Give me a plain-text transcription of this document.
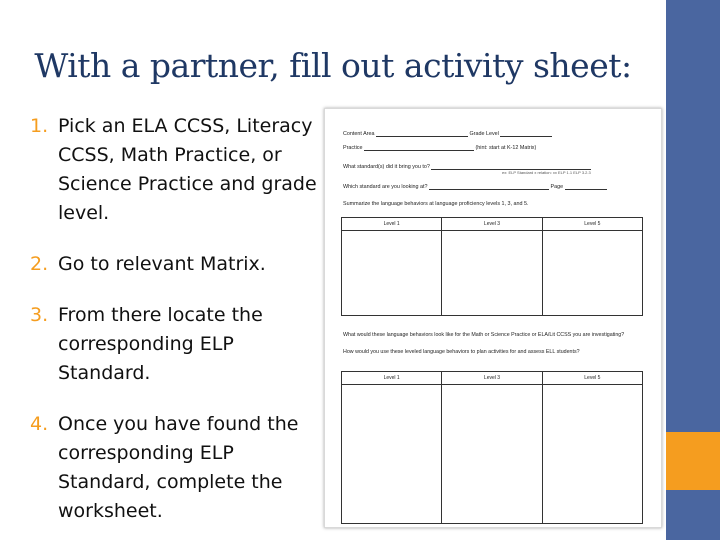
With a partner, fill out activity sheet:
1. Pick an ELA CCSS, Literacy CCSS, Math Practice, or Science Practice and grade level.
2. Go to relevant Matrix.
3. From there locate the corresponding ELP Standard.
4. Once you have found the corresponding ELP Standard, complete the worksheet.
Content Area	Grade Level
Practice	(hint: start at K-12 Matrix)
What standard(s) did it bring you to?
ex: ELP Standard x relation: xx ELP 1.1 ELP 3.2.3
Which standard are you looking at?	Page
Summarize the language behaviors at language proficiency levels 1, 3, and 5.
Level 1	Level 3	Level 5

What would these language behaviors look like for the Math or Science Practice or ELA/Lit CCSS you are investigating?
How would you use these leveled language behaviors to plan activities for and assess ELL students?
Level 1	Level 3	Level 5
